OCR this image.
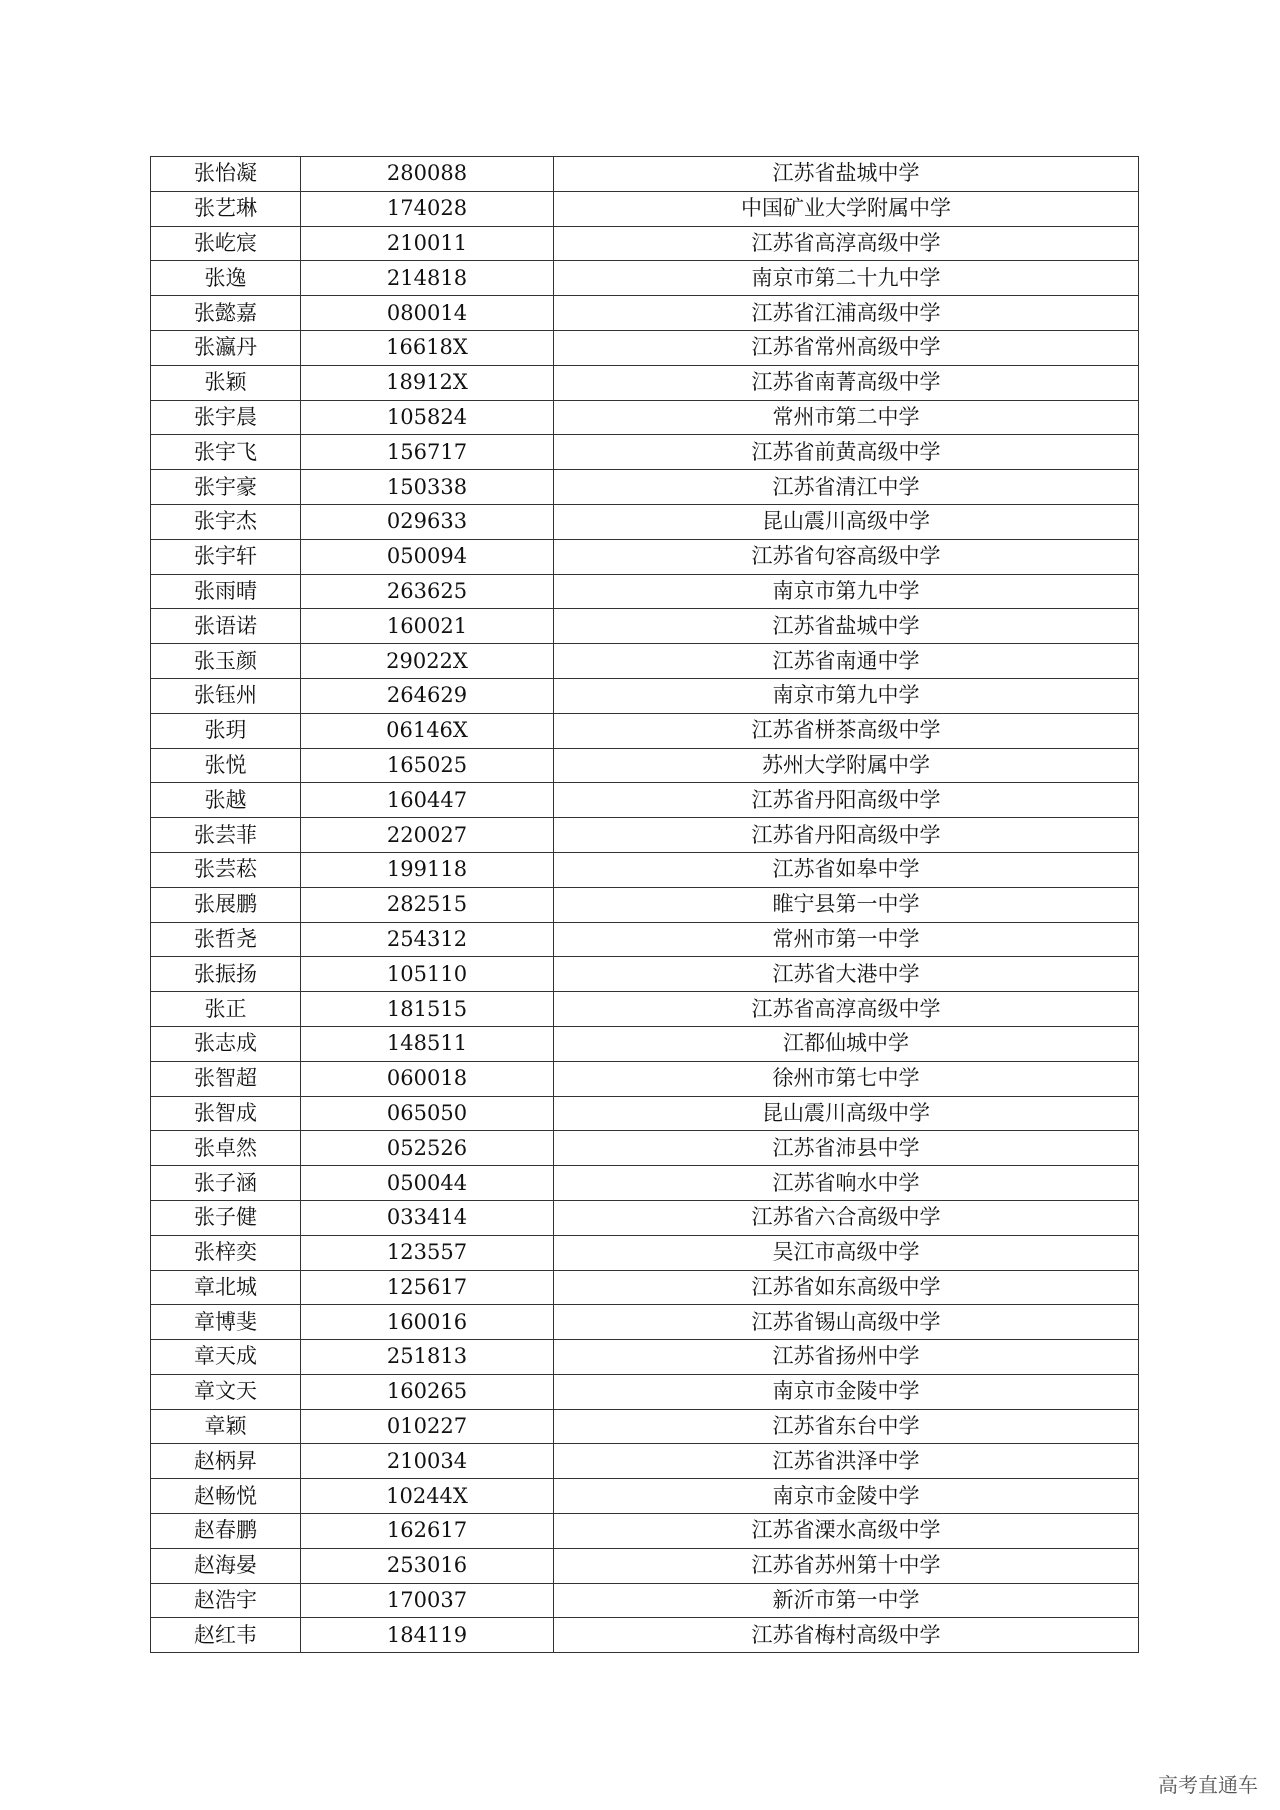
张怡凝	280088	江苏省盐城中学
张艺琳	174028	中国矿业大学附属中学
张屹宸	210011	江苏省高淳高级中学
张逸	214818	南京市第二十九中学
张懿嘉	080014	江苏省江浦高级中学
张瀛丹	16618X	江苏省常州高级中学
张颖	18912X	江苏省南菁高级中学
张宇晨	105824	常州市第二中学
张宇飞	156717	江苏省前黄高级中学
张宇豪	150338	江苏省清江中学
张宇杰	029633	昆山震川高级中学
张宇轩	050094	江苏省句容高级中学
张雨晴	263625	南京市第九中学
张语诺	160021	江苏省盐城中学
张玉颜	29022X	江苏省南通中学
张钰州	264629	南京市第九中学
张玥	06146X	江苏省栟茶高级中学
张悦	165025	苏州大学附属中学
张越	160447	江苏省丹阳高级中学
张芸菲	220027	江苏省丹阳高级中学
张芸菘	199118	江苏省如皋中学
张展鹏	282515	睢宁县第一中学
张哲尧	254312	常州市第一中学
张振扬	105110	江苏省大港中学
张正	181515	江苏省高淳高级中学
张志成	148511	江都仙城中学
张智超	060018	徐州市第七中学
张智成	065050	昆山震川高级中学
张卓然	052526	江苏省沛县中学
张子涵	050044	江苏省响水中学
张子健	033414	江苏省六合高级中学
张梓奕	123557	吴江市高级中学
章北城	125617	江苏省如东高级中学
章博斐	160016	江苏省锡山高级中学
章天成	251813	江苏省扬州中学
章文天	160265	南京市金陵中学
章颖	010227	江苏省东台中学
赵柄昇	210034	江苏省洪泽中学
赵畅悦	10244X	南京市金陵中学
赵春鹏	162617	江苏省溧水高级中学
赵海晏	253016	江苏省苏州第十中学
赵浩宇	170037	新沂市第一中学
赵红韦	184119	江苏省梅村高级中学
高考直通车
